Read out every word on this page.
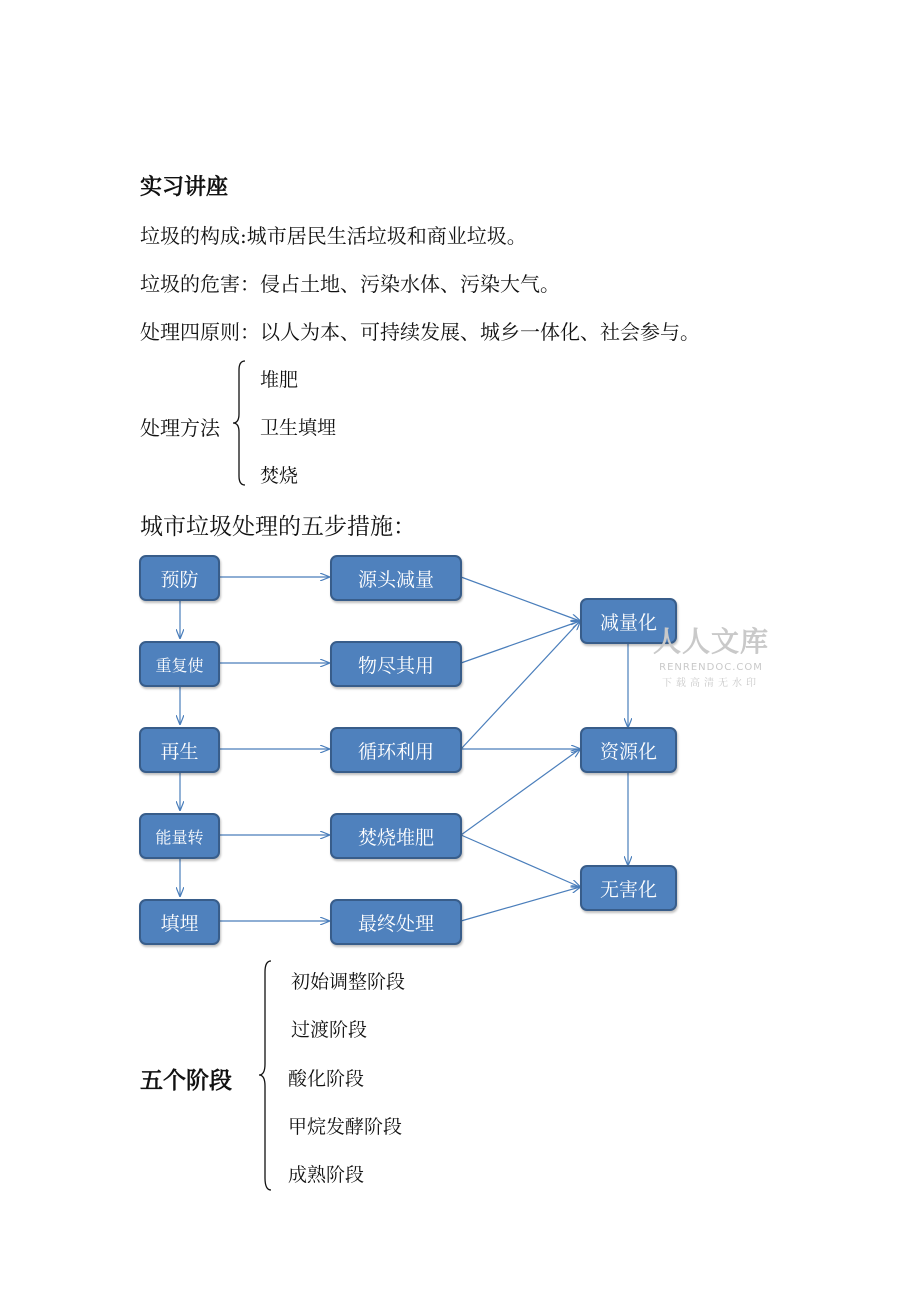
实习讲座
垃圾的构成:城市居民生活垃圾和商业垃圾。
垃圾的危害：侵占土地、污染水体、污染大气。
处理四原则：以人为本、可持续发展、城乡一体化、社会参与。
处理方法
堆肥
卫生填埋
焚烧
城市垃圾处理的五步措施：
预防
重复使
再生
能量转
填埋
源头减量
物尽其用
循环利用
焚烧堆肥
最终处理
减量化
资源化
无害化
人人文库
RENRENDOC.COM
下载高清无水印
五个阶段
初始调整阶段
过渡阶段
酸化阶段
甲烷发酵阶段
成熟阶段
